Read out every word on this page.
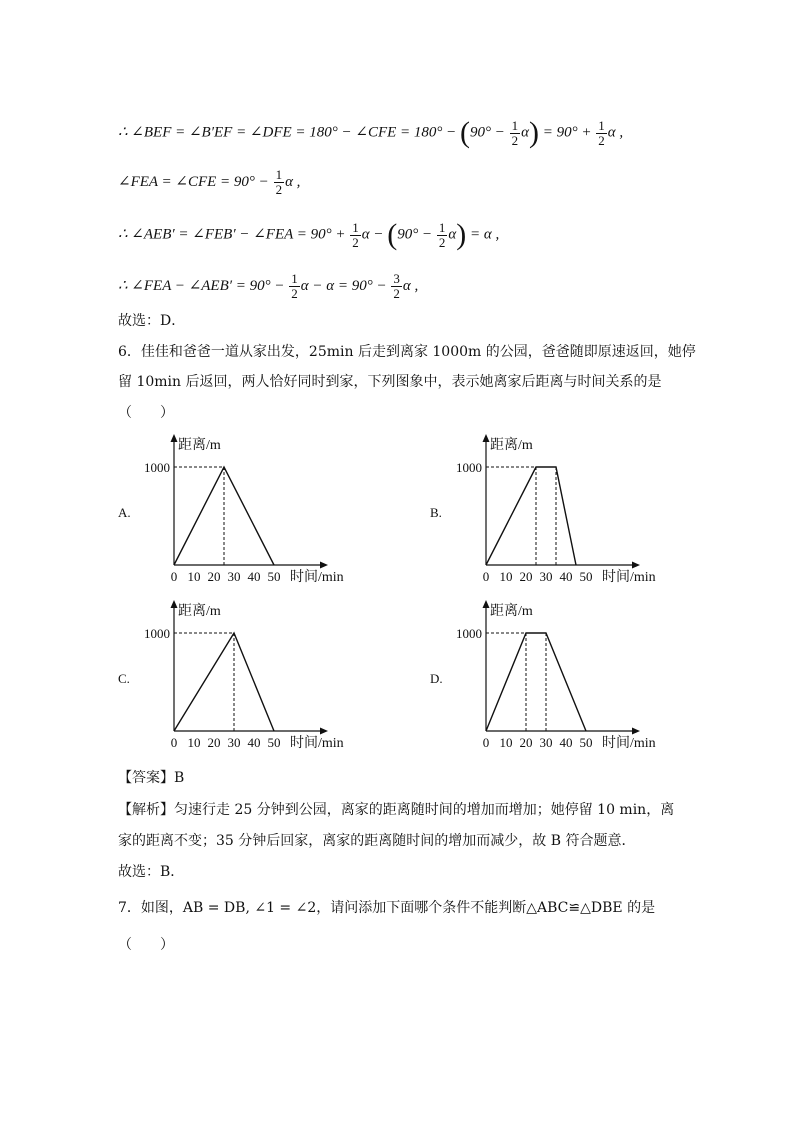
∴ ∠BEF = ∠B′EF = ∠DFE = 180° − ∠CFE = $180^\circ - (90^\circ - \frac{1}{2} \alpha) = 90^\circ + \frac{1}{2}$ α ,
∠FEA = ∠CFE = $90^\circ - \frac{1}{2}$ α ,
∴ ∠AEB′ = ∠FEB′ − ∠FEA = $90^\circ + \frac{1}{2}$ $\alpha - (90^\circ - \frac{1}{2} \alpha) = \alpha$ ,
∴ ∠FEA − ∠AEB′ = $90^\circ - \frac{1}{2}$ $\alpha - \alpha = 90^\circ - \frac{3}{2}$ α ,
故选：D．
6．佳佳和爸爸一道从家出发，25min 后走到离家 1000m 的公园，爸爸随即原速返回，她停
留 10min 后返回，两人恰好同时到家，下列图象中，表示她离家后距离与时间关系的是
（　　）
A.	B.
C.	D.
距离/m
时间/min
1000
0 10 20 30 40 50
距离/m
时间/min
1000
0 10 20 30 40 50
距离/m
时间/min
1000
0 10 20 30 40 50
距离/m
时间/min
1000
0 10 20 30 40 50
【答案】B
【解析】匀速行走 25 分钟到公园，离家的距离随时间的增加而增加；她停留 10 min，离
家的距离不变；35 分钟后回家，离家的距离随时间的增加而减少，故 B 符合题意．
故选：B．
7．如图，AB = DB, ∠1 = ∠2，请问添加下面哪个条件不能判断△ABC≌△DBE 的是
（　　）
